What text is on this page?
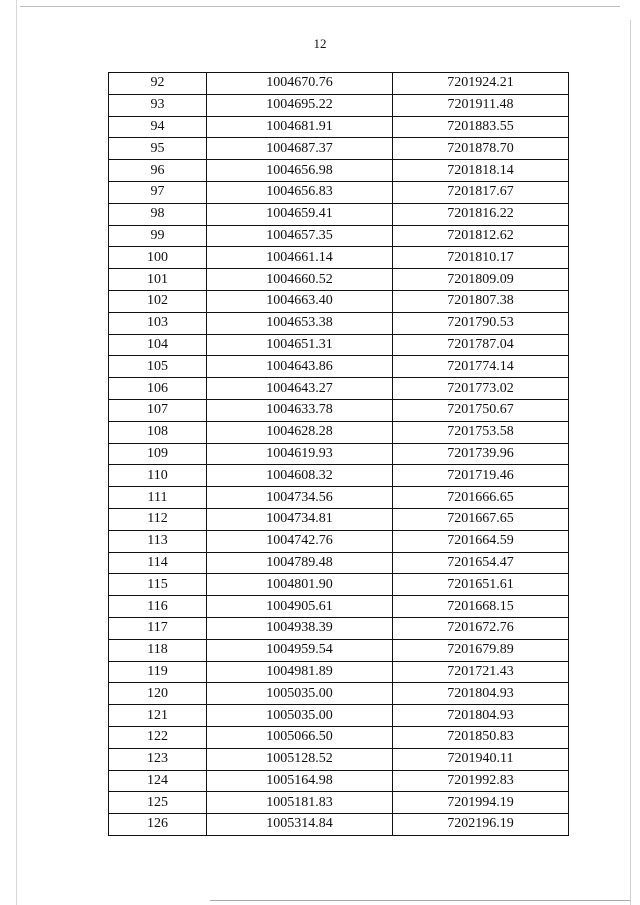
12
92	1004670.76	7201924.21
93	1004695.22	7201911.48
94	1004681.91	7201883.55
95	1004687.37	7201878.70
96	1004656.98	7201818.14
97	1004656.83	7201817.67
98	1004659.41	7201816.22
99	1004657.35	7201812.62
100	1004661.14	7201810.17
101	1004660.52	7201809.09
102	1004663.40	7201807.38
103	1004653.38	7201790.53
104	1004651.31	7201787.04
105	1004643.86	7201774.14
106	1004643.27	7201773.02
107	1004633.78	7201750.67
108	1004628.28	7201753.58
109	1004619.93	7201739.96
110	1004608.32	7201719.46
111	1004734.56	7201666.65
112	1004734.81	7201667.65
113	1004742.76	7201664.59
114	1004789.48	7201654.47
115	1004801.90	7201651.61
116	1004905.61	7201668.15
117	1004938.39	7201672.76
118	1004959.54	7201679.89
119	1004981.89	7201721.43
120	1005035.00	7201804.93
121	1005035.00	7201804.93
122	1005066.50	7201850.83
123	1005128.52	7201940.11
124	1005164.98	7201992.83
125	1005181.83	7201994.19
126	1005314.84	7202196.19
